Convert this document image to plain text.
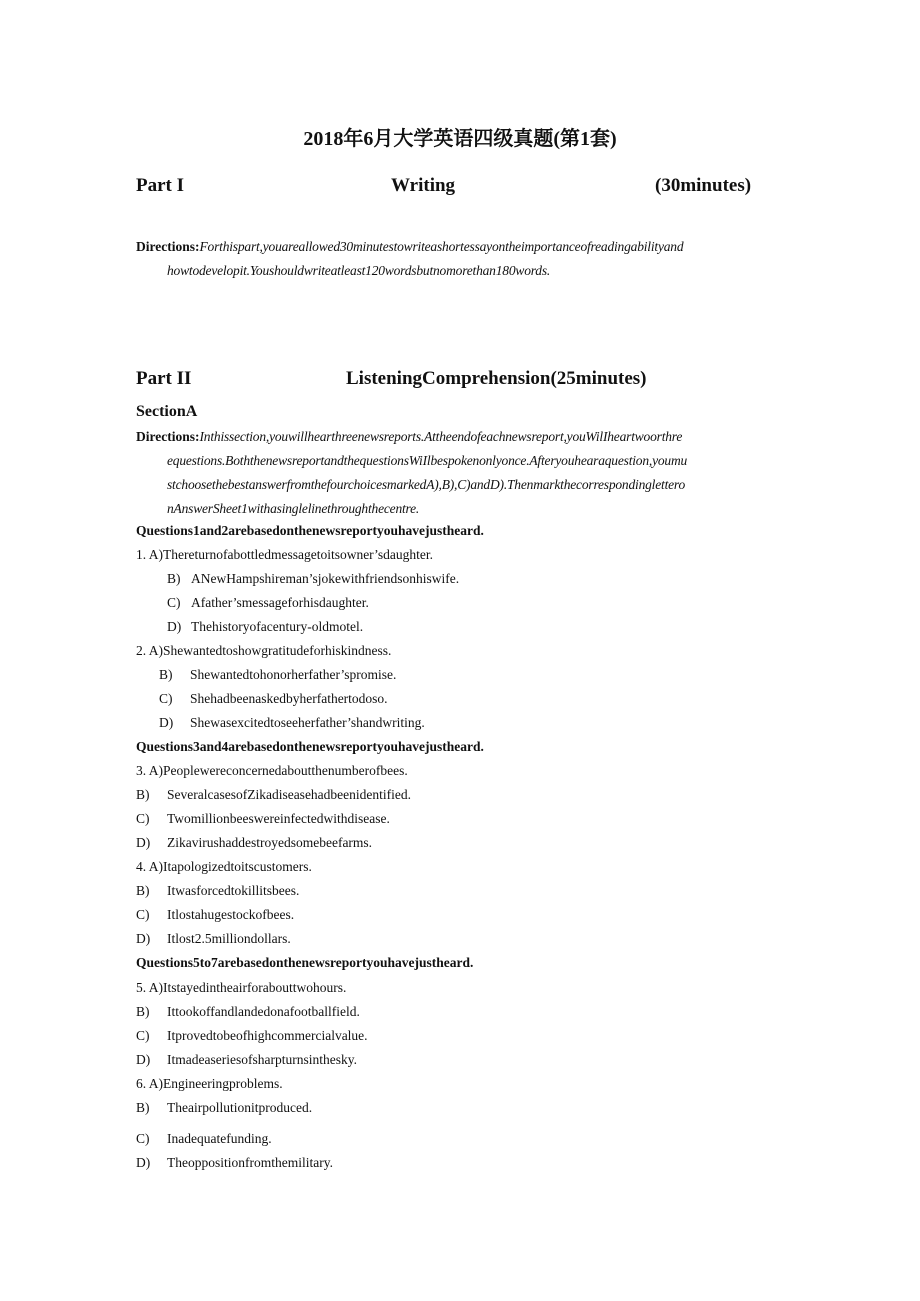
2018年6月大学英语四级真题(第1套)
Part I	Writing	(30minutes)
Directions:Forthispart,youareallowed30minutestowriteashortessayontheimportanceofreadingabilityand
howtodevelopit.Youshouldwriteatleast120wordsbutnomorethan180words.
Part II	ListeningComprehension(25minutes)
SectionA
Directions:Inthissection,youwillhearthreenewsreports.Attheendofeachnewsreport,youWilIheartwoorthre
equestions.BoththenewsreportandthequestionsWiIlbespokenonlyonce.Afteryouhearaquestion,youmu
stchoosethebestanswerfromthefourchoicesmarkedA),B),C)andD).Thenmarkthecorrespondinglettero
nAnswerSheet1withasinglelinethroughthecentre.
Questions1and2arebasedonthenewsreportyouhavejustheard.
1. A)Thereturnofabottledmessagetoitsowner’sdaughter.
B) ANewHampshireman’sjokewithfriendsonhiswife.
C) Afather’smessageforhisdaughter.
D) Thehistoryofacentury-oldmotel.
2. A)Shewantedtoshowgratitudeforhiskindness.
B) Shewantedtohonorherfather’spromise.
C) Shehadbeenaskedbyherfathertodoso.
D) Shewasexcitedtoseeherfather’shandwriting.
Questions3and4arebasedonthenewsreportyouhavejustheard.
3. A)Peoplewereconcernedaboutthenumberofbees.
B) SeveralcasesofZikadiseasehadbeenidentified.
C) Twomillionbeeswereinfectedwithdisease.
D) Zikavirushaddestroyedsomebeefarms.
4. A)Itapologizedtoitscustomers.
B) Itwasforcedtokillitsbees.
C) Itlostahugestockofbees.
D) Itlost2.5milliondollars.
Questions5to7arebasedonthenewsreportyouhavejustheard.
5. A)Itstayedintheairforabouttwohours.
B) Ittookoffandlandedonafootballfield.
C) Itprovedtobeofhighcommercialvalue.
D) Itmadeaseriesofsharpturnsinthesky.
6. A)Engineeringproblems.
B) Theairpollutionitproduced.
C) Inadequatefunding.
D) Theoppositionfromthemilitary.
